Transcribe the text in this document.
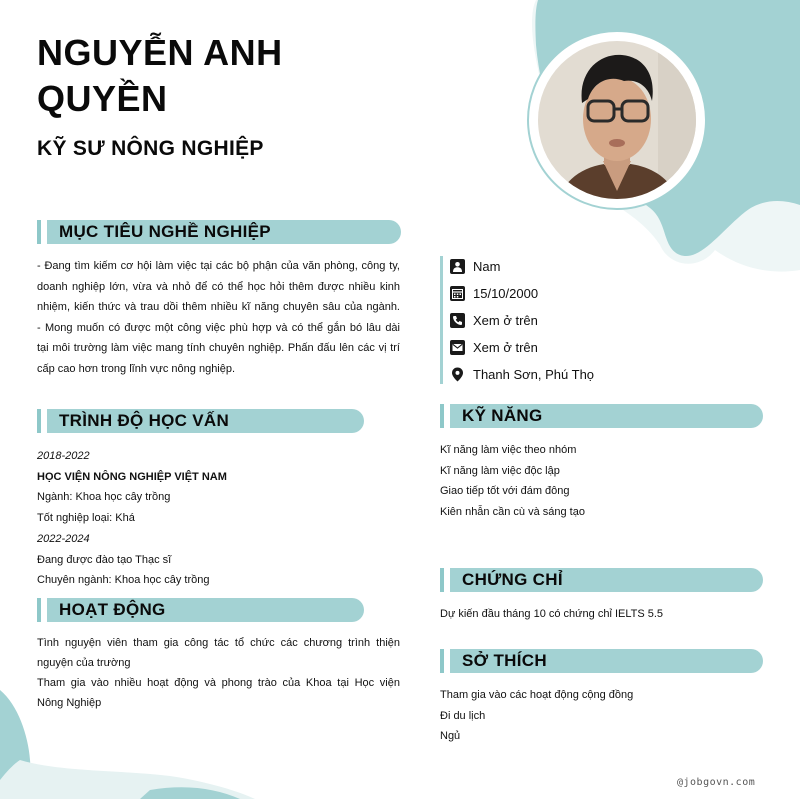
NGUYỄN ANH
QUYỀN
KỸ SƯ NÔNG NGHIỆP
MỤC TIÊU NGHỀ NGHIỆP
- Đang tìm kiếm cơ hội làm việc tại các bộ phận của văn phòng, công ty,
doanh nghiệp lớn, vừa và nhỏ để có thể học hỏi thêm được nhiều kinh
nhiệm, kiến thức và trau dồi thêm nhiều kĩ năng chuyên sâu của ngành.
- Mong muốn có được một công việc phù hợp và có thể gắn bó lâu dài
tại môi trường làm việc mang tính chuyên nghiệp. Phấn đấu lên các vị trí
cấp cao hơn trong lĩnh vực nông nghiệp.
TRÌNH ĐỘ HỌC VẤN
2018-2022
HỌC VIỆN NÔNG NGHIỆP VIỆT NAM
Ngành: Khoa học cây trồng
Tốt nghiệp loại: Khá
2022-2024
Đang được đào tạo Thạc sĩ
Chuyên ngành: Khoa học cây trồng
HOẠT ĐỘNG
Tình nguyện viên tham gia công tác tổ chức các chương trình thiện
nguyện của trường
Tham gia vào nhiều hoạt động và phong trào của Khoa tại Học viện
Nông Nghiệp
Nam
15/10/2000
Xem ở trên
Xem ở trên
Thanh Sơn, Phú Thọ
KỸ NĂNG
Kĩ năng làm việc theo nhóm
Kĩ năng làm việc độc lập
Giao tiếp tốt với đám đông
Kiên nhẫn cần cù và sáng tạo
CHỨNG CHỈ
Dự kiến đầu tháng 10 có chứng chỉ IELTS 5.5
SỞ THÍCH
Tham gia vào các hoạt động cộng đồng
Đi du lịch
Ngủ
@jobgovn.com
